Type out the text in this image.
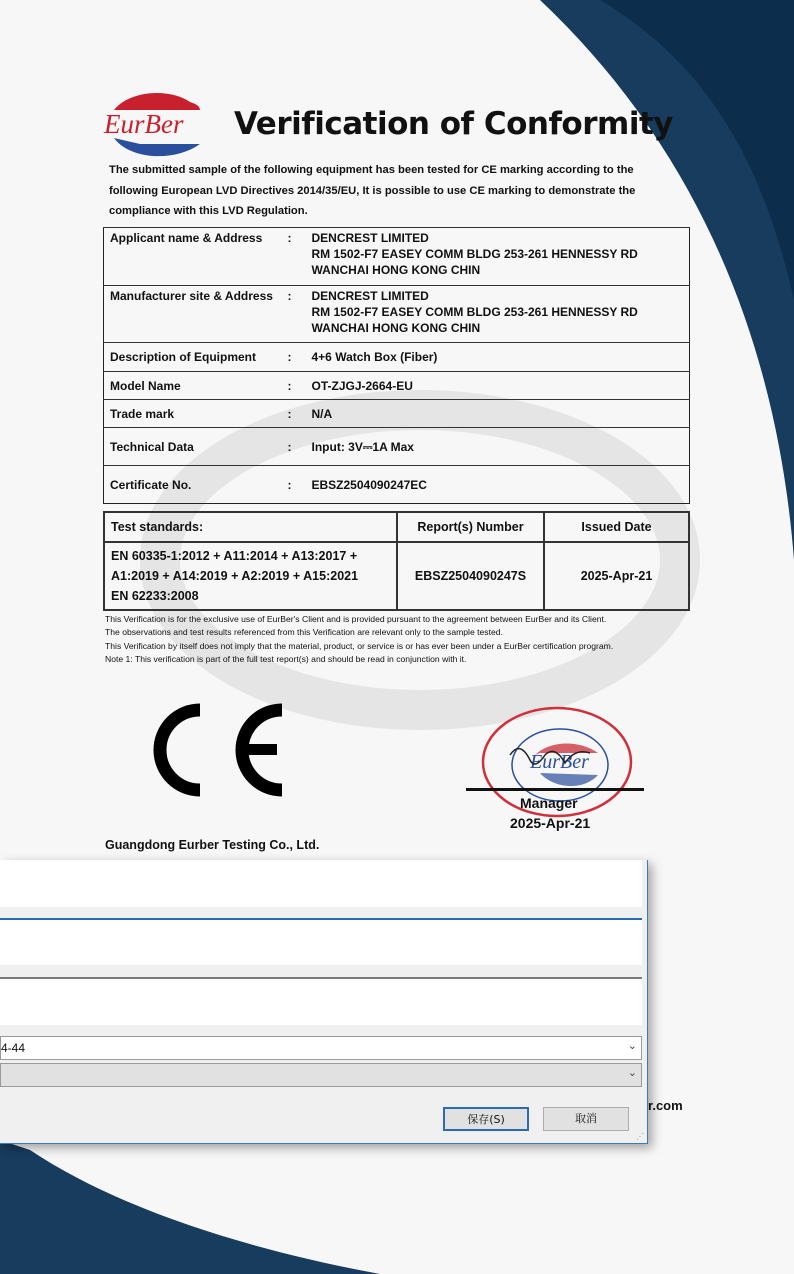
EurBer Verification of Conformity
The submitted sample of the following equipment has been tested for CE marking according to the following European LVD Directives 2014/35/EU, It is possible to use CE marking to demonstrate the compliance with this LVD Regulation.
Applicant name & Address	:	DENCREST LIMITED
RM 1502-F7 EASEY COMM BLDG 253-261 HENNESSY RD
WANCHAI HONG KONG CHIN

Manufacturer site & Address	:	DENCREST LIMITED
RM 1502-F7 EASEY COMM BLDG 253-261 HENNESSY RD
WANCHAI HONG KONG CHIN

Description of Equipment	:	4+6 Watch Box (Fiber)
Model Name	:	OT-ZJGJ-2664-EU
Trade mark	:	N/A
Technical Data	:	Input: 3V⎓1A Max
Certificate No.	:	EBSZ2504090247EC
Test standards:	Report(s) Number	Issued Date

EN 60335-1:2012 + A11:2014 + A13:2017 +
A1:2019 + A14:2019 + A2:2019 + A15:2021
EN 62233:2008	EBSZ2504090247S	2025-Apr-21
This Verification is for the exclusive use of EurBer's Client and is provided pursuant to the agreement between EurBer and its Client.
The observations and test results referenced from this Verification are relevant only to the sample tested.
This Verification by itself does not imply that the material, product, or service is or has ever been under a EurBer certification program.
Note 1: This verification is part of the full test report(s) and should be read in conjunction with it.
Guangdong Eurber Testing Co., Ltd.
EurBer
Manager
2025-Apr-21
r.com
4-44	⌄
⌄
保存(S)	取消
⋰
